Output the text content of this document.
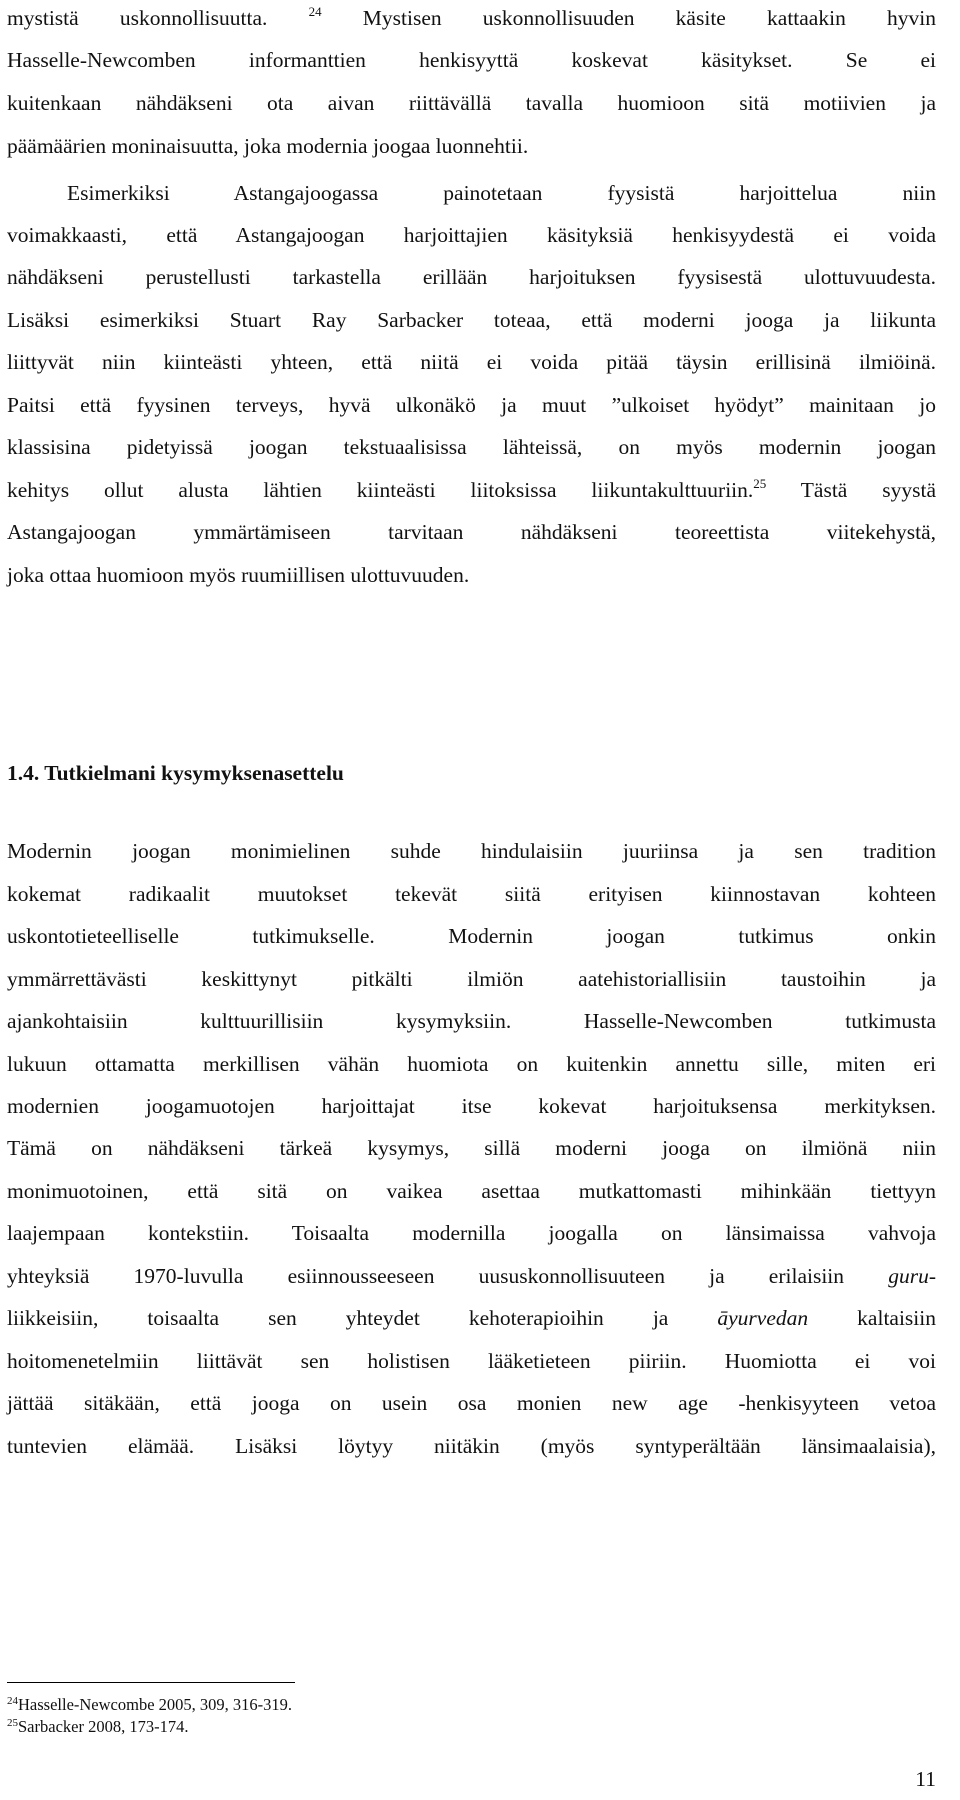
mystistä uskonnollisuutta. $^{24}$ Mystisen uskonnollisuuden käsite kattaakin hyvin
Hasselle-Newcomben informanttien henkisyyttä koskevat käsitykset. Se ei
kuitenkaan nähdäkseni ota aivan riittävällä tavalla huomioon sitä motiivien ja
päämäärien moninaisuutta, joka modernia joogaa luonnehtii.
Esimerkiksi Astangajoogassa painotetaan fyysistä harjoittelua niin
voimakkaasti, että Astangajoogan harjoittajien käsityksiä henkisyydestä ei voida
nähdäkseni perustellusti tarkastella erillään harjoituksen fyysisestä ulottuvuudesta.
Lisäksi esimerkiksi Stuart Ray Sarbacker toteaa, että moderni jooga ja liikunta
liittyvät niin kiinteästi yhteen, että niitä ei voida pitää täysin erillisinä ilmiöinä.
Paitsi että fyysinen terveys, hyvä ulkonäkö ja muut ”ulkoiset hyödyt” mainitaan jo
klassisina pidetyissä joogan tekstuaalisissa lähteissä, on myös modernin joogan
kehitys ollut alusta lähtien kiinteästi liitoksissa liikuntakulttuuriin.$^{25}$ Tästä syystä
Astangajoogan ymmärtämiseen tarvitaan nähdäkseni teoreettista viitekehystä,
joka ottaa huomioon myös ruumiillisen ulottuvuuden.
1.4. Tutkielmani kysymyksenasettelu
Modernin joogan monimielinen suhde hindulaisiin juuriinsa ja sen tradition
kokemat radikaalit muutokset tekevät siitä erityisen kiinnostavan kohteen
uskontotieteelliselle tutkimukselle. Modernin joogan tutkimus onkin
ymmärrettävästi keskittynyt pitkälti ilmiön aatehistoriallisiin taustoihin ja
ajankohtaisiin kulttuurillisiin kysymyksiin. Hasselle-Newcomben tutkimusta
lukuun ottamatta merkillisen vähän huomiota on kuitenkin annettu sille, miten eri
modernien joogamuotojen harjoittajat itse kokevat harjoituksensa merkityksen.
Tämä on nähdäkseni tärkeä kysymys, sillä moderni jooga on ilmiönä niin
monimuotoinen, että sitä on vaikea asettaa mutkattomasti mihinkään tiettyyn
laajempaan kontekstiin. Toisaalta modernilla joogalla on länsimaissa vahvoja
yhteyksiä 1970-luvulla esiinnousseeseen uususkonnollisuuteen ja erilaisiin guru-
liikkeisiin, toisaalta sen yhteydet kehoterapioihin ja āyurvedan kaltaisiin
hoitomenetelmiin liittävät sen holistisen lääketieteen piiriin. Huomiotta ei voi
jättää sitäkään, että jooga on usein osa monien new age -henkisyyteen vetoa
tuntevien elämää. Lisäksi löytyy niitäkin (myös syntyperältään länsimaalaisia),
$^{24}$Hasselle-Newcombe 2005, 309, 316-319.
$^{25}$Sarbacker 2008, 173-174.
11
